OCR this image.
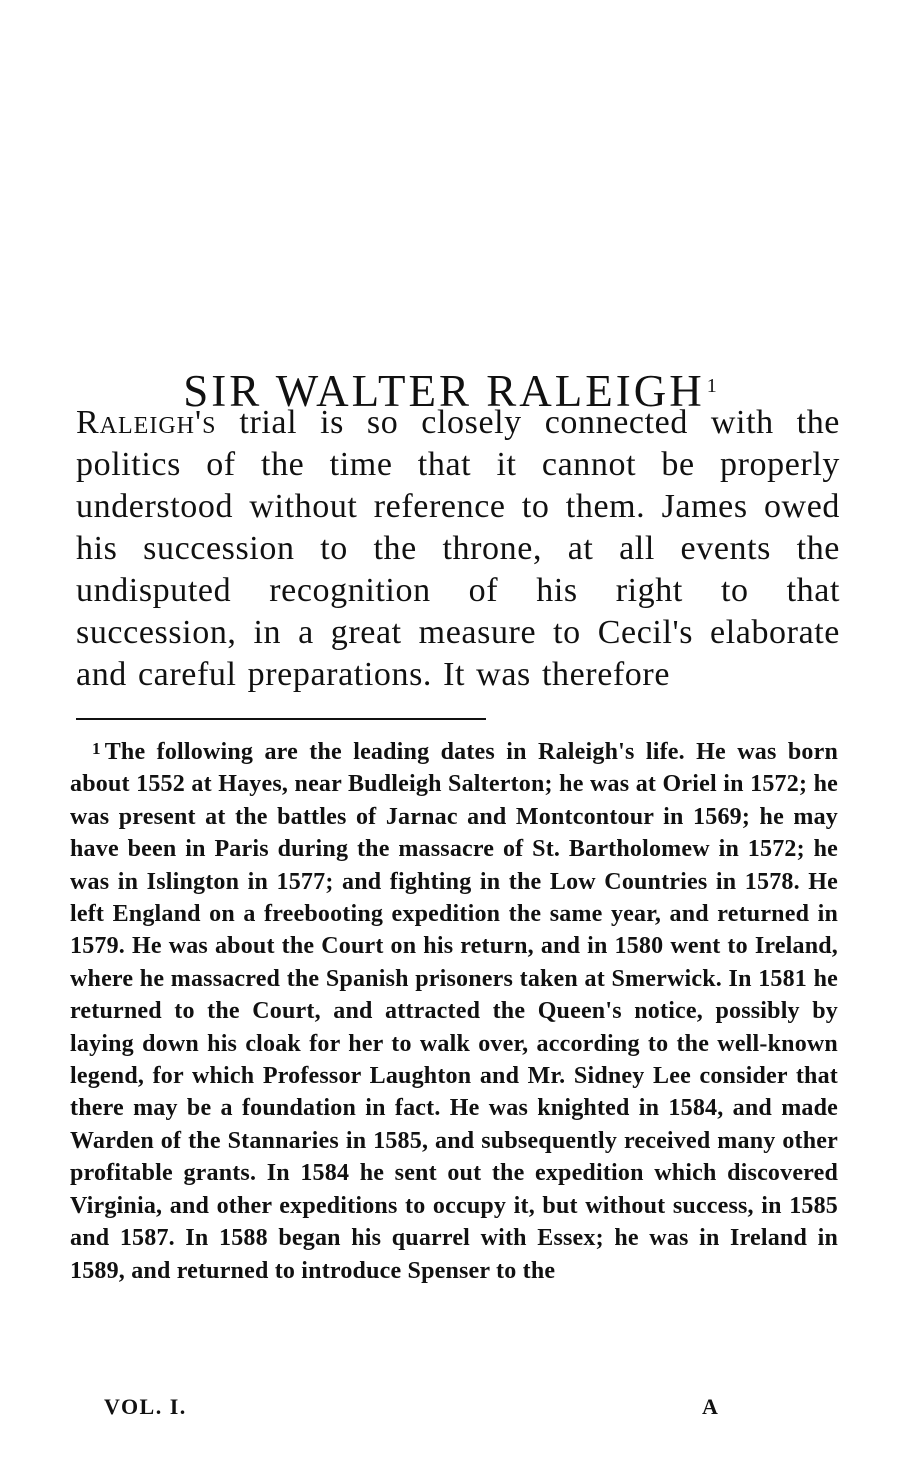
SIR WALTER RALEIGH $^1$

Raleigh's trial is so closely connected with the politics of the time that it cannot be properly understood without reference to them. James owed his succession to the throne, at all events the undisputed recognition of his right to that succession, in a great measure to Cecil's elaborate and careful preparations. It was therefore

$^1$ The following are the leading dates in Raleigh's life. He was born about 1552 at Hayes, near Budleigh Salterton; he was at Oriel in 1572; he was present at the battles of Jarnac and Montcontour in 1569; he may have been in Paris during the massacre of St. Bartholomew in 1572; he was in Islington in 1577; and fighting in the Low Countries in 1578. He left England on a freebooting expedition the same year, and returned in 1579. He was about the Court on his return, and in 1580 went to Ireland, where he massacred the Spanish prisoners taken at Smerwick. In 1581 he returned to the Court, and attracted the Queen's notice, possibly by laying down his cloak for her to walk over, according to the well-known legend, for which Professor Laughton and Mr. Sidney Lee consider that there may be a foundation in fact. He was knighted in 1584, and made Warden of the Stannaries in 1585, and subsequently received many other profitable grants. In 1584 he sent out the expedition which discovered Virginia, and other expeditions to occupy it, but without success, in 1585 and 1587. In 1588 began his quarrel with Essex; he was in Ireland in 1589, and returned to introduce Spenser to the

VOL. I.	A
